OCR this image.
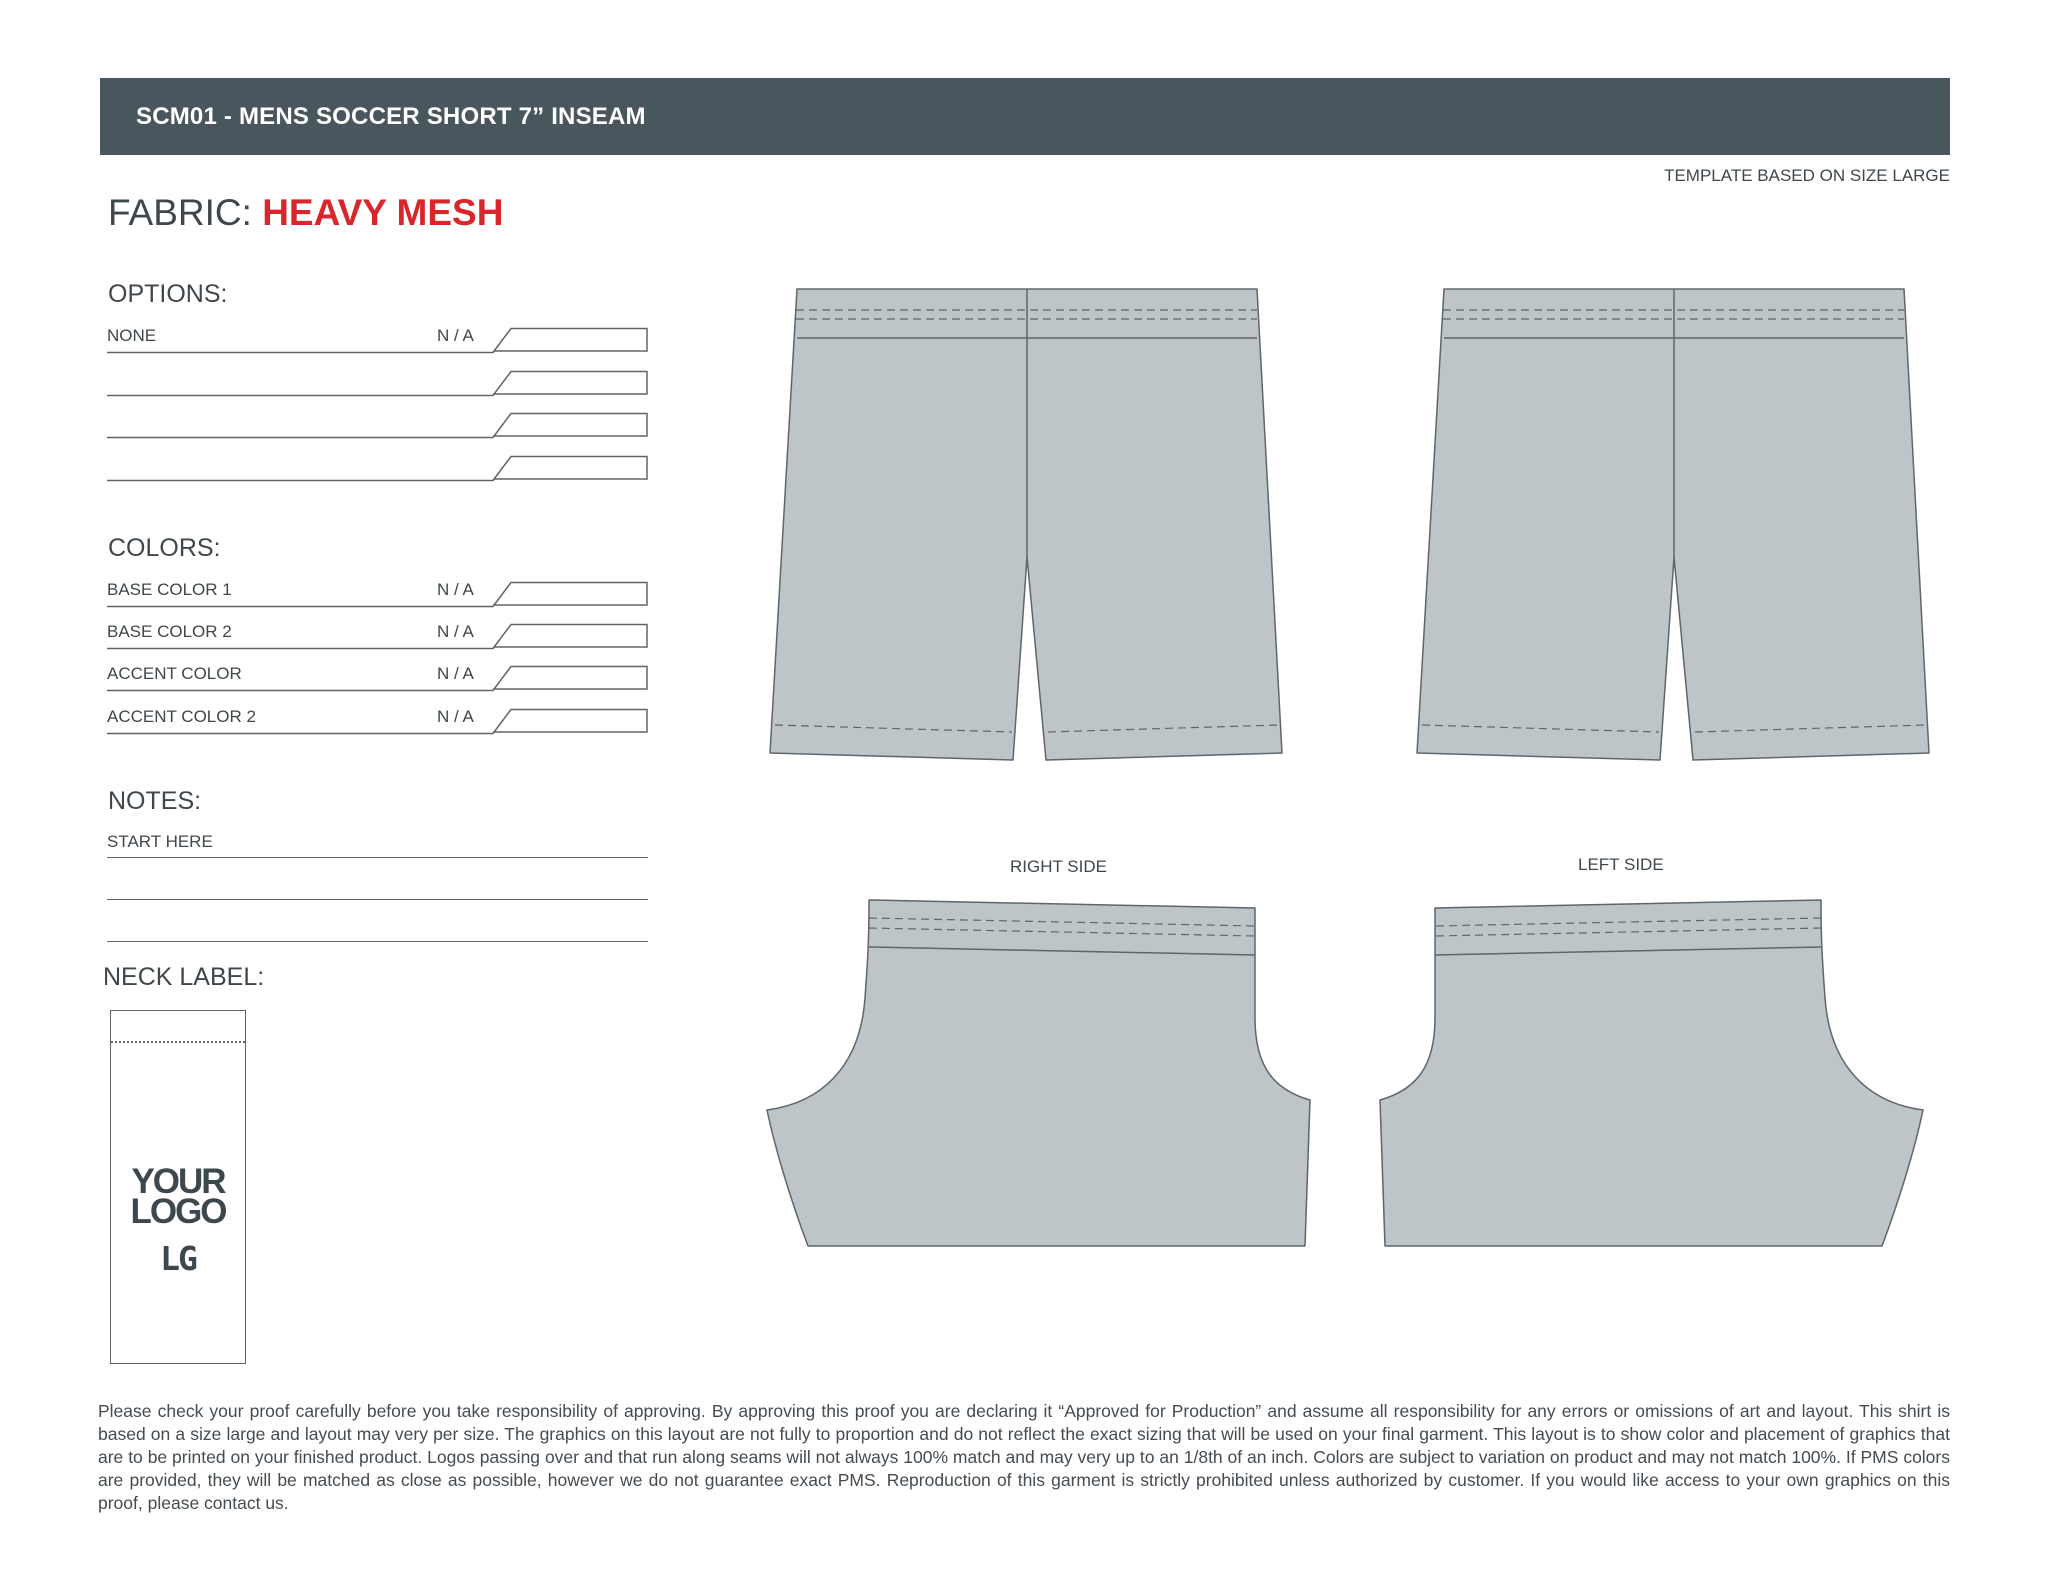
SCM01 - MENS SOCCER SHORT 7” INSEAM
TEMPLATE BASED ON SIZE LARGE
FABRIC: HEAVY MESH
OPTIONS:
NONE	N / A
COLORS:
BASE COLOR 1	N / A
BASE COLOR 2	N / A
ACCENT COLOR	N / A
ACCENT COLOR 2	N / A
NOTES:
START HERE
NECK LABEL:
YOUR
LOGO
LG
RIGHT SIDE	LEFT SIDE
Please check your proof carefully before you take responsibility of approving. By approving this proof you are declaring it “Approved for Production” and assume all responsibility for any errors or omissions of art and layout. This shirt is based on a size large and layout may very per size. The graphics on this layout are not fully to proportion and do not reflect the exact sizing that will be used on your final garment. This layout is to show color and placement of graphics that are to be printed on your finished product. Logos passing over and that run along seams will not always 100% match and may very up to an 1/8th of an inch. Colors are subject to variation on product and may not match 100%. If PMS colors are provided, they will be matched as close as possible, however we do not guarantee exact PMS. Reproduction of this garment is strictly prohibited unless authorized by customer. If you would like access to your own graphics on this proof, please contact us.
